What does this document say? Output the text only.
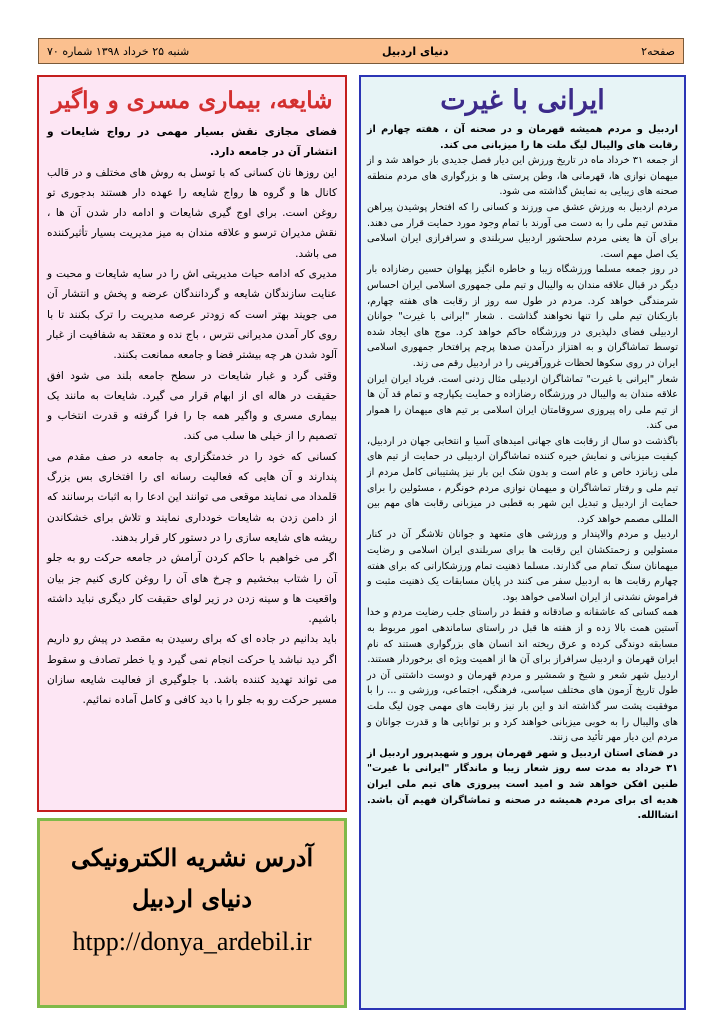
صفحه۲
دنیای اردبیل
شنبه ۲۵ خرداد ۱۳۹۸ شماره ۷۰
ایرانی با غیرت

اردبیل و مردم همیشه قهرمان و در صحنه آن ، هفته چهارم از رقابت های والیبال لیگ ملت ها را میزبانی می کند.

از جمعه ۳۱ خرداد ماه در تاریخ ورزش این دیار فصل جدیدی باز خواهد شد و از میهمان نوازی ها، قهرمانی ها، وطن پرستی ها و بزرگواری های مردم منطقه صحنه های زیبایی به نمایش گذاشته می شود.

مردم اردبیل به ورزش عشق می ورزند و کسانی را که افتخار پوشیدن پیراهن مقدس تیم ملی را به دست می آورند با تمام وجود مورد حمایت قرار می دهند. برای آن ها یعنی مردم سلحشور اردبیل سربلندی و سرافرازی ایران اسلامی یک اصل مهم است.

در روز جمعه مسلما ورزشگاه زیبا و خاطره انگیز پهلوان حسین رضازاده بار دیگر در قبال علاقه مندان به والیبال و تیم ملی جمهوری اسلامی ایران احساس شرمندگی خواهد کرد. مردم در طول سه روز از رقابت های هفته چهارم، بازیکنان تیم ملی را تنها نخواهند گذاشت . شعار "ایرانی با غیرت" جوانان اردبیلی فضای دلپذیری در ورزشگاه حاکم خواهد کرد. موج های ایجاد شده توسط تماشاگران و به اهتزاز درآمدن صدها پرچم پرافتخار جمهوری اسلامی ایران در روی سکوها لحظات غرورآفرینی را در اردبیل رقم می زند.

شعار "ایرانی با غیرت" تماشاگران اردبیلی مثال زدنی است. فریاد ایران ایران علاقه مندان به والیبال در ورزشگاه رضازاده و حمایت یکپارچه و تمام قد آن ها از تیم ملی راه پیروزی سروقامتان ایران اسلامی بر تیم های میهمان را هموار می کند.

باگذشت دو سال از رقابت های جهانی امیدهای آسیا و انتخابی جهان در اردبیل، کیفیت میزبانی و نمایش خیره کننده تماشاگران اردبیلی در حمایت از تیم های ملی زبانزد خاص و عام است و بدون شک این بار نیز پشتیبانی کامل مردم از تیم ملی و رفتار تماشاگران و میهمان نوازی مردم خونگرم ، مسئولین را برای حمایت از اردبیل و تبدیل این شهر به قطبی در میزبانی رقابت های مهم بین المللی مصمم خواهد کرد.

اردبیل و مردم والاپندار و ورزشی های متعهد و جوانان تلاشگر آن در کنار مسئولین و زحمتکشان این رقابت ها برای سربلندی ایران اسلامی و رضایت میهمانان سنگ تمام می گذارند. مسلما ذهنیت تمام ورزشکارانی که برای هفته چهارم رقابت ها به اردبیل سفر می کنند در پایان مسابقات یک ذهنیت مثبت و فراموش نشدنی از ایران اسلامی خواهد بود.

همه کسانی که عاشقانه و صادقانه و فقط در راستای جلب رضایت مردم و خدا آستین همت بالا زده و از هفته ها قبل در راستای ساماندهی امور مربوط به مسابقه دوندگی کرده و عرق ریخته اند انسان های بزرگواری هستند که نام ایران قهرمان و اردبیل سرافراز برای آن ها از اهمیت ویژه ای برخوردار هستند.

اردبیل شهر شعر و شیخ و شمشیر و مردم قهرمان و دوست داشتنی آن در طول تاریخ آزمون های مختلف سیاسی، فرهنگی، اجتماعی، ورزشی و ... را با موفقیت پشت سر گذاشته اند و این بار نیز رقابت های مهمی چون لیگ ملت های والیبال را به خوبی میزبانی خواهند کرد و بر توانایی ها و قدرت جوانان و مردم این دیار مهر تأئید می زنند.

در فضای استان اردبیل و شهر قهرمان پرور و شهیدپرور اردبیل از ۳۱ خرداد به مدت سه روز شعار زیبا و ماندگار "ایرانی با غیرت" طنین افکن خواهد شد و امید است پیروزی های تیم ملی ایران هدیه ای برای مردم همیشه در صحنه و تماشاگران فهیم آن باشد. انشاالله.

شایعه، بیماری مسری و واگیر

فضای مجازی نقش بسیار مهمی در رواج شایعات و انتشار آن در جامعه دارد.

این روزها نان کسانی که با توسل به روش های مختلف و در قالب کانال ها و گروه ها رواج شایعه را عهده دار هستند بدجوری تو روغن است. برای اوج گیری شایعات و ادامه دار شدن آن ها ، نقش مدیران ترسو و علاقه مندان به میز مدیریت بسیار تأثیرکننده می باشد.

مدیری که ادامه حیات مدیریتی اش را در سایه شایعات و محبت و عنایت سازندگان شایعه و گردانندگان عرضه و پخش و انتشار آن می جویند بهتر است که زودتر عرصه مدیریت را ترک بکنند تا با روی کار آمدن مدیرانی نترس ، باج نده و معتقد به شفافیت از غبار آلود شدن هر چه بیشتر فضا و جامعه ممانعت بکنند.

وقتی گرد و غبار شایعات در سطح جامعه بلند می شود افق حقیقت در هاله ای از ابهام قرار می گیرد. شایعات به مانند یک بیماری مسری و واگیر همه جا را فرا گرفته و قدرت انتخاب و تصمیم را از خیلی ها سلب می کند.

کسانی که خود را در خدمتگزاری به جامعه در صف مقدم می پندارند و آن هایی که فعالیت رسانه ای را افتخاری بس بزرگ قلمداد می نمایند موقعی می توانند این ادعا را به اثبات برسانند که از دامن زدن به شایعات خودداری نمایند و تلاش برای خشکاندن ریشه های شایعه سازی را در دستور کار قرار بدهند.

اگر می خواهیم با حاکم کردن آرامش در جامعه حرکت رو به جلو آن را شتاب ببخشیم و چرخ های آن را روغن کاری کنیم جز بیان واقعیت ها و سینه زدن در زیر لوای حقیقت کار دیگری نباید داشته باشیم.

باید بدانیم در جاده ای که برای رسیدن به مقصد در پیش رو داریم اگر دید نباشد یا حرکت انجام نمی گیرد و یا خطر تصادف و سقوط می تواند تهدید کننده باشد. با جلوگیری از فعالیت شایعه سازان مسیر حرکت رو به جلو را با دید کافی و کامل آماده نمائیم.

آدرس نشریه الکترونیکی
دنیای اردبیل
htpp://donya_ardebil.ir
